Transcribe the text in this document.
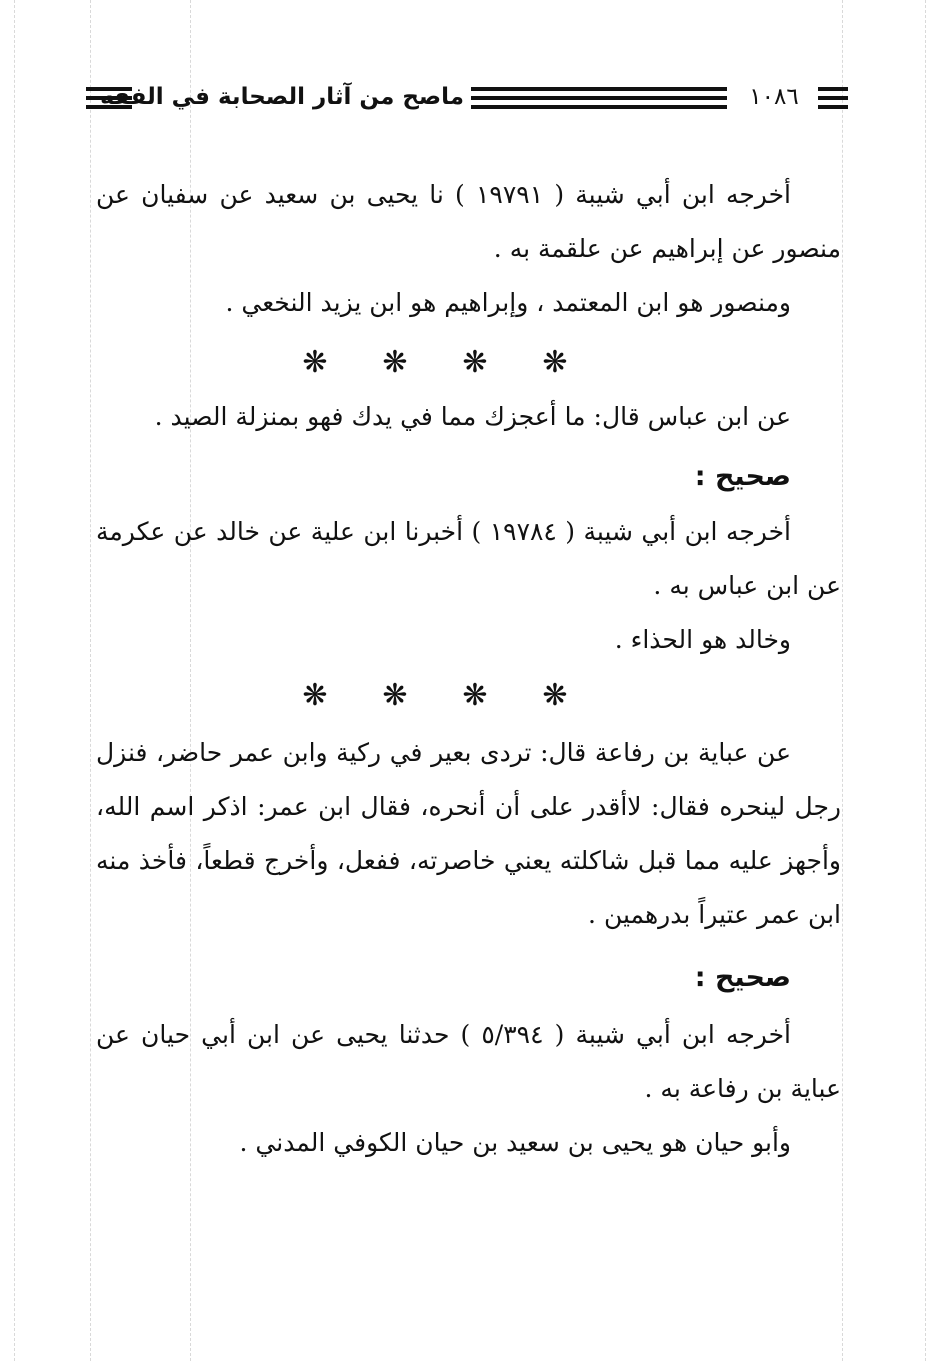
ماصح من آثار الصحابة في الفقه	١٠٨٦

أخرجه ابن أبي شيبة ( ١٩٧٩١ ) نا يحيى بن سعيد عن سفيان عن منصور عن إبراهيم عن علقمة به .

ومنصور هو ابن المعتمد ، وإبراهيم هو ابن يزيد النخعي .

❋
❋
❋
❋

عن ابن عباس قال: ما أعجزك مما في يدك فهو بمنزلة الصيد .

صحيح :

أخرجه ابن أبي شيبة ( ١٩٧٨٤ ) أخبرنا ابن علية عن خالد عن عكرمة عن ابن عباس به .

وخالد هو الحذاء .

❋
❋
❋
❋

عن عباية بن رفاعة قال: تردى بعير في ركية وابن عمر حاضر، فنزل رجل لينحره فقال: لاأقدر على أن أنحره، فقال ابن عمر: اذكر اسم الله، وأجهز عليه مما قبل شاكلته يعني خاصرته، ففعل، وأخرج قطعاً، فأخذ منه ابن عمر عتيراً بدرهمين .

صحيح :

أخرجه ابن أبي شيبة ( ٥/٣٩٤ ) حدثنا يحيى عن ابن أبي حيان عن عباية بن رفاعة به .

وأبو حيان هو يحيى بن سعيد بن حيان الكوفي المدني .
